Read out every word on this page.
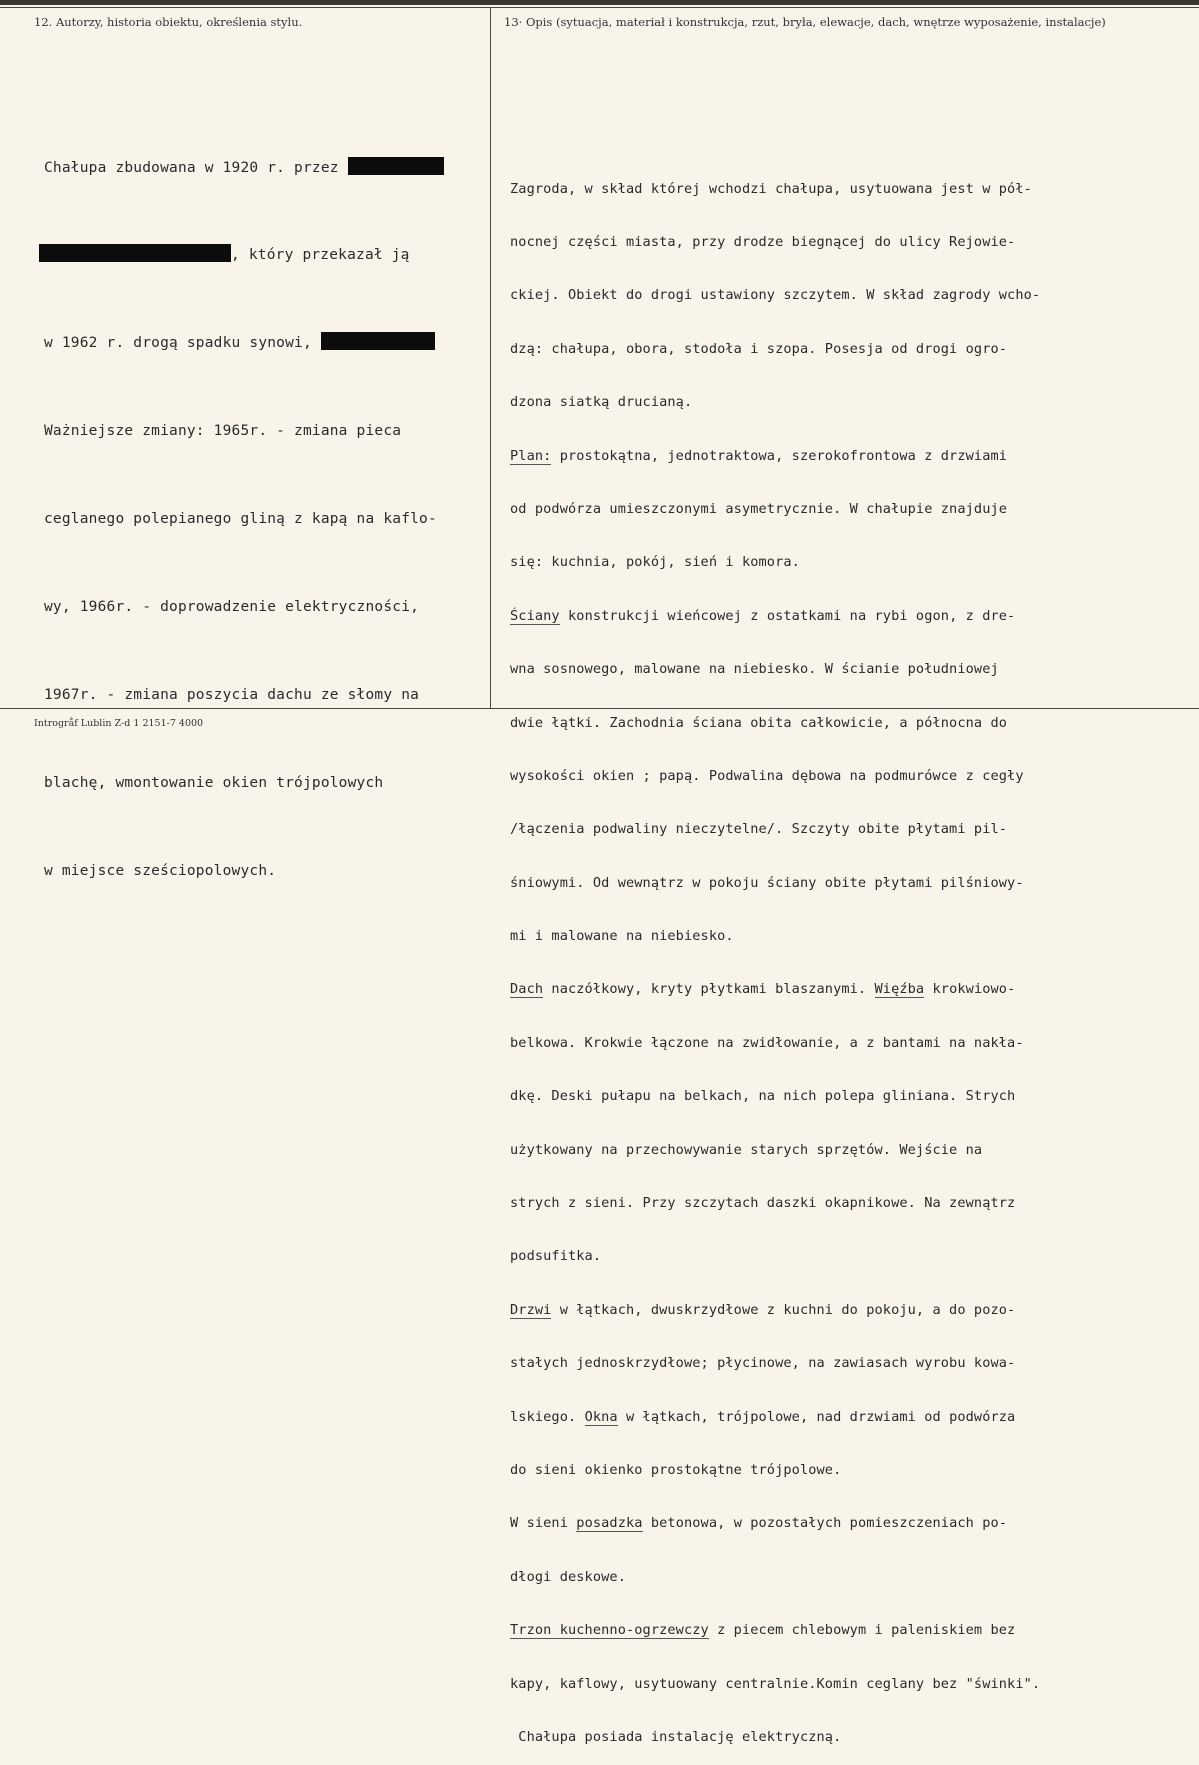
12. Autorzy, historia obiektu, określenia stylu.	13· Opis (sytuacja, materiał i konstrukcja, rzut, bryła, elewacje, dach, wnętrze wyposażenie, instalacje)

Chałupa zbudowana w 1920 r. przez

, który przekazał ją

w 1962 r. drogą spadku synowi,

Ważniejsze zmiany: 1965r. - zmiana pieca

ceglanego polepianego gliną z kapą na kaflo-

wy, 1966r. - doprowadzenie elektryczności,

1967r. - zmiana poszycia dachu ze słomy na

blachę, wmontowanie okien trójpolowych

w miejsce sześciopolowych.

Zagroda, w skład której wchodzi chałupa, usytuowana jest w pół-

nocnej części miasta, przy drodze biegnącej do ulicy Rejowie-

ckiej. Obiekt do drogi ustawiony szczytem. W skład zagrody wcho-

dzą: chałupa, obora, stodoła i szopa. Posesja od drogi ogro-

dzona siatką drucianą.

Plan: prostokątna, jednotraktowa, szerokofrontowa z drzwiami

od podwórza umieszczonymi asymetrycznie. W chałupie znajduje

się: kuchnia, pokój, sień i komora.

Ściany konstrukcji wieńcowej z ostatkami na rybi ogon, z dre-

wna sosnowego, malowane na niebiesko. W ścianie południowej

dwie łątki. Zachodnia ściana obita całkowicie, a północna do

wysokości okien ; papą. Podwalina dębowa na podmurówce z cegły

/łączenia podwaliny nieczytelne/. Szczyty obite płytami pil-

śniowymi. Od wewnątrz w pokoju ściany obite płytami pilśniowy-

mi i malowane na niebiesko.

Dach naczółkowy, kryty płytkami blaszanymi. Więźba krokwiowo-

belkowa. Krokwie łączone na zwidłowanie, a z bantami na nakła-

dkę. Deski pułapu na belkach, na nich polepa gliniana. Strych

użytkowany na przechowywanie starych sprzętów. Wejście na

strych z sieni. Przy szczytach daszki okapnikowe. Na zewnątrz

podsufitka.

Drzwi w łątkach, dwuskrzydłowe z kuchni do pokoju, a do pozo-

stałych jednoskrzydłowe; płycinowe, na zawiasach wyrobu kowa-

lskiego. Okna w łątkach, trójpolowe, nad drzwiami od podwórza

do sieni okienko prostokątne trójpolowe.

W sieni posadzka betonowa, w pozostałych pomieszczeniach po-

dłogi deskowe.

Trzon kuchenno-ogrzewczy z piecem chlebowym i paleniskiem bez

kapy, kaflowy, usytuowany centralnie.Komin ceglany bez "świnki".

Chałupa posiada instalację elektryczną.

Introgråf Lublin Z-d 1 2151-7 4000
